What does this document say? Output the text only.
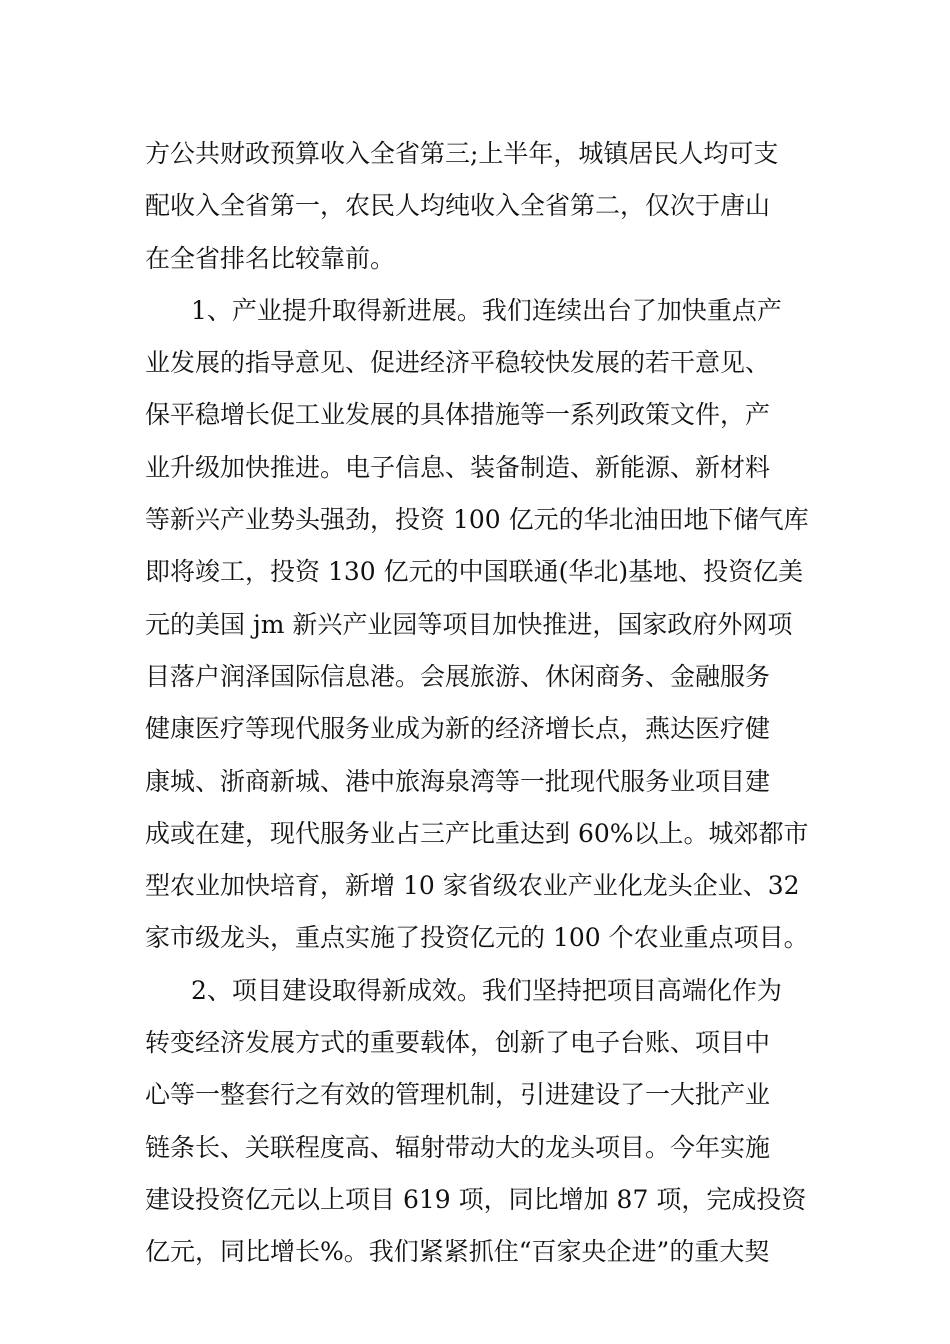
方公共财政预算收入全省第三;上半年，城镇居民人均可支
配收入全省第一，农民人均纯收入全省第二，仅次于唐山
在全省排名比较靠前。
1、产业提升取得新进展。我们连续出台了加快重点产
业发展的指导意见、促进经济平稳较快发展的若干意见、
保平稳增长促工业发展的具体措施等一系列政策文件，产
业升级加快推进。电子信息、装备制造、新能源、新材料
等新兴产业势头强劲，投资 100 亿元的华北油田地下储气库
即将竣工，投资 130 亿元的中国联通(华北)基地、投资亿美
元的美国 jm 新兴产业园等项目加快推进，国家政府外网项
目落户润泽国际信息港。会展旅游、休闲商务、金融服务
健康医疗等现代服务业成为新的经济增长点，燕达医疗健
康城、浙商新城、港中旅海泉湾等一批现代服务业项目建
成或在建，现代服务业占三产比重达到 60%以上。城郊都市
型农业加快培育，新增 10 家省级农业产业化龙头企业、32
家市级龙头，重点实施了投资亿元的 100 个农业重点项目。
2、项目建设取得新成效。我们坚持把项目高端化作为
转变经济发展方式的重要载体，创新了电子台账、项目中
心等一整套行之有效的管理机制，引进建设了一大批产业
链条长、关联程度高、辐射带动大的龙头项目。今年实施
建设投资亿元以上项目 619 项，同比增加 87 项，完成投资
亿元，同比增长%。我们紧紧抓住“百家央企进”的重大契
